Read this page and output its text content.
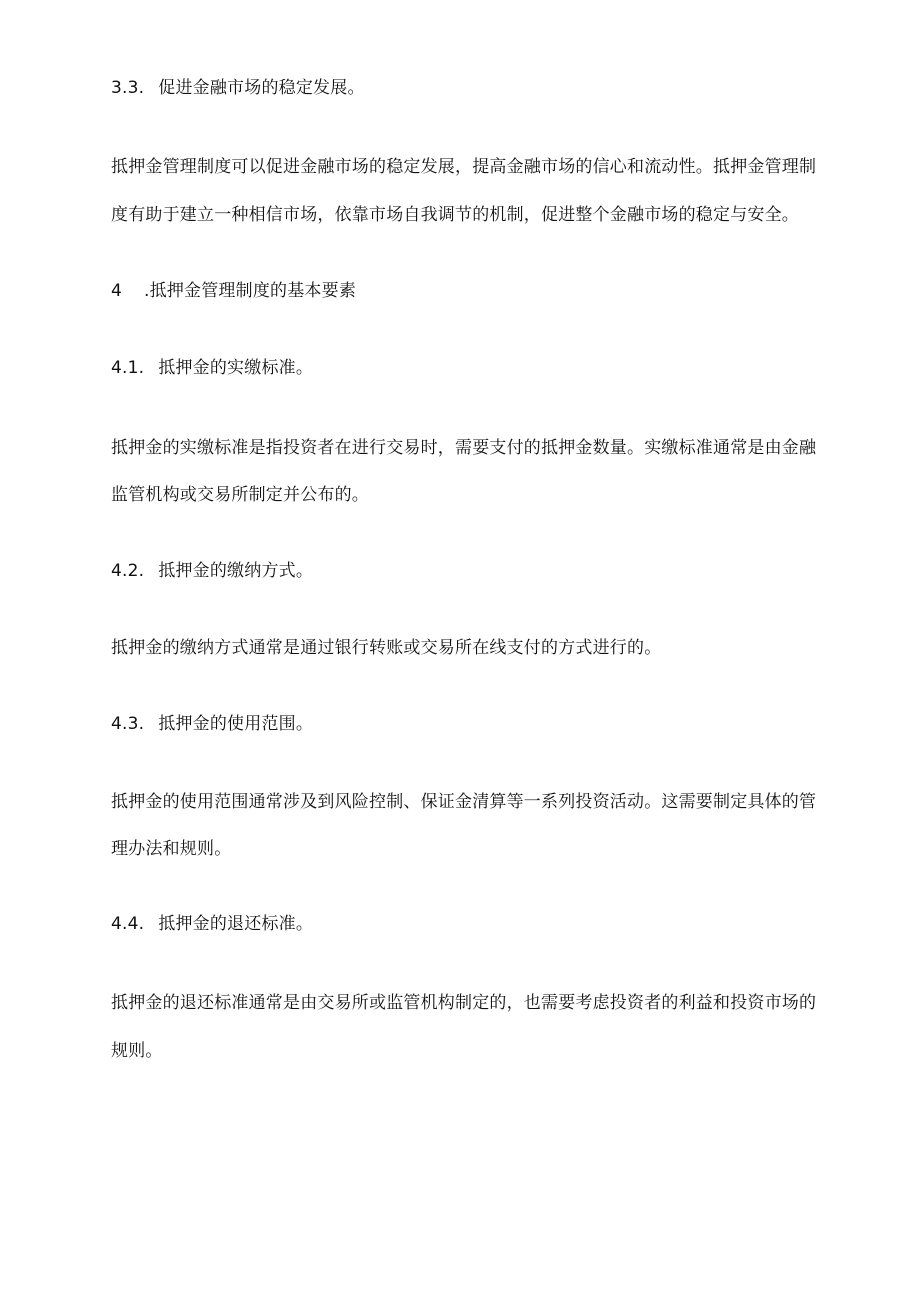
3.3. 促进金融市场的稳定发展。
抵押金管理制度可以促进金融市场的稳定发展，提高金融市场的信心和流动性。抵押金管理制
度有助于建立一种相信市场，依靠市场自我调节的机制，促进整个金融市场的稳定与安全。
4 .抵押金管理制度的基本要素
4.1. 抵押金的实缴标准。
抵押金的实缴标准是指投资者在进行交易时，需要支付的抵押金数量。实缴标准通常是由金融
监管机构或交易所制定并公布的。
4.2. 抵押金的缴纳方式。
抵押金的缴纳方式通常是通过银行转账或交易所在线支付的方式进行的。
4.3. 抵押金的使用范围。
抵押金的使用范围通常涉及到风险控制、保证金清算等一系列投资活动。这需要制定具体的管
理办法和规则。
4.4. 抵押金的退还标准。
抵押金的退还标准通常是由交易所或监管机构制定的，也需要考虑投资者的利益和投资市场的
规则。
